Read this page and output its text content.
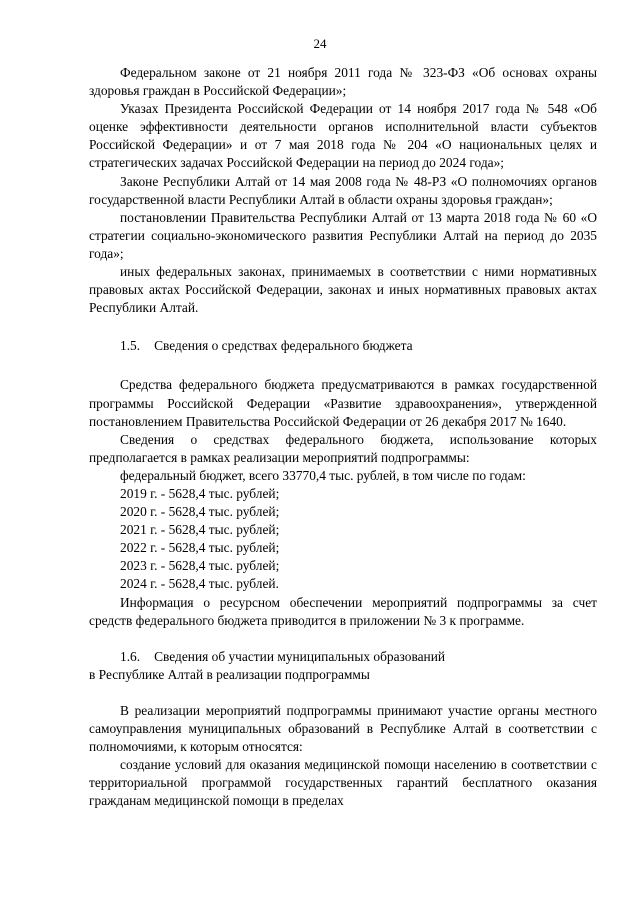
24

Федеральном законе от 21 ноября 2011 года № 323-ФЗ «Об основах охраны здоровья граждан в Российской Федерации»;

Указах Президента Российской Федерации от 14 ноября 2017 года № 548 «Об оценке эффективности деятельности органов исполнительной власти субъектов Российской Федерации» и от 7 мая 2018 года № 204 «О национальных целях и стратегических задачах Российской Федерации на период до 2024 года»;

Законе Республики Алтай от 14 мая 2008 года № 48-РЗ «О полномочиях органов государственной власти Республики Алтай в области охраны здоровья граждан»;

постановлении Правительства Республики Алтай от 13 марта 2018 года № 60 «О стратегии социально-экономического развития Республики Алтай на период до 2035 года»;

иных федеральных законах, принимаемых в соответствии с ними нормативных правовых актах Российской Федерации, законах и иных нормативных правовых актах Республики Алтай.

1.5. Сведения о средствах федерального бюджета

Средства федерального бюджета предусматриваются в рамках государственной программы Российской Федерации «Развитие здравоохранения», утвержденной постановлением Правительства Российской Федерации от 26 декабря 2017 № 1640.

Сведения о средствах федерального бюджета, использование которых предполагается в рамках реализации мероприятий подпрограммы:

федеральный бюджет, всего 33770,4 тыс. рублей, в том числе по годам:

2019 г. - 5628,4 тыс. рублей;

2020 г. - 5628,4 тыс. рублей;

2021 г. - 5628,4 тыс. рублей;

2022 г. - 5628,4 тыс. рублей;

2023 г. - 5628,4 тыс. рублей;

2024 г. - 5628,4 тыс. рублей.

Информация о ресурсном обеспечении мероприятий подпрограммы за счет средств федерального бюджета приводится в приложении № 3 к программе.

1.6. Сведения об участии муниципальных образований
в Республике Алтай в реализации подпрограммы

В реализации мероприятий подпрограммы принимают участие органы местного самоуправления муниципальных образований в Республике Алтай в соответствии с полномочиями, к которым относятся:

создание условий для оказания медицинской помощи населению в соответствии с территориальной программой государственных гарантий бесплатного оказания гражданам медицинской помощи в пределах
